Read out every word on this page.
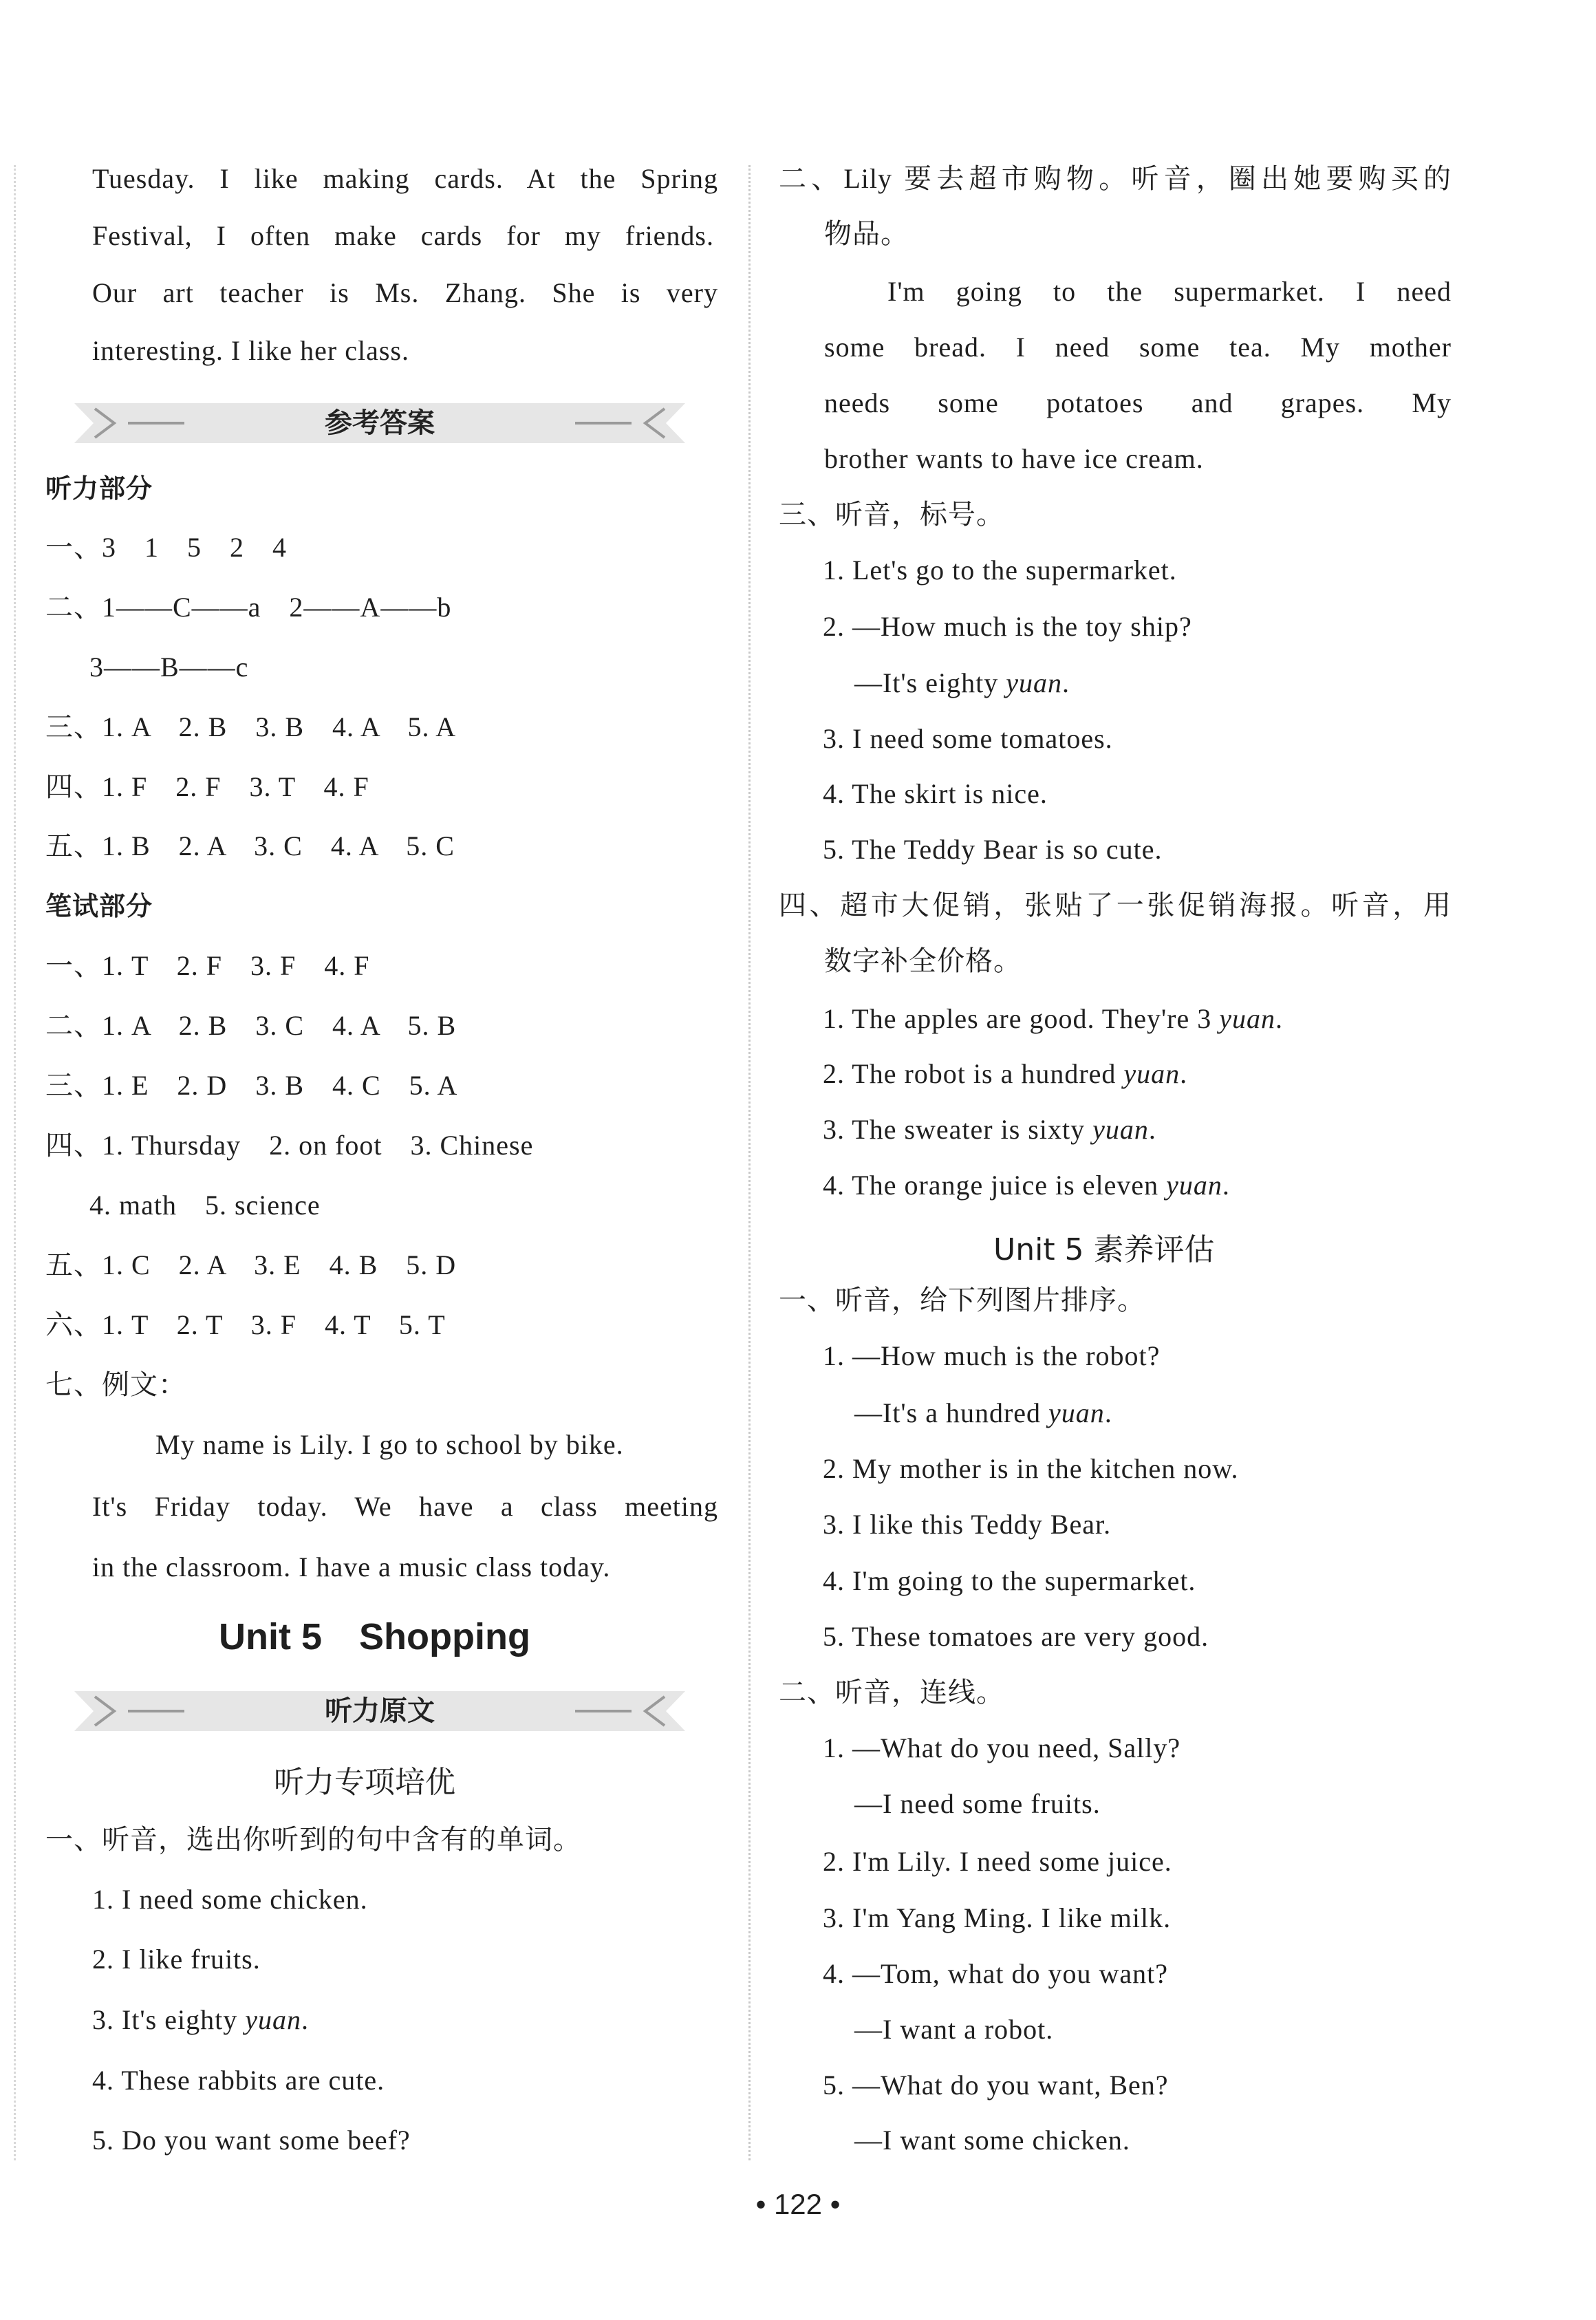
Tuesday. I like making cards. At the Spring
Festival, I often make cards for my friends.
Our art teacher is Ms. Zhang. She is very
interesting. I like her class.
参考答案
听力部分
一、3　1　5　2　4
二、1——C——a　2——A——b
3——B——c
三、1. A　2. B　3. B　4. A　5. A
四、1. F　2. F　3. T　4. F
五、1. B　2. A　3. C　4. A　5. C
笔试部分
一、1. T　2. F　3. F　4. F
二、1. A　2. B　3. C　4. A　5. B
三、1. E　2. D　3. B　4. C　5. A
四、1. Thursday　2. on foot　3. Chinese
4. math　5. science
五、1. C　2. A　3. E　4. B　5. D
六、1. T　2. T　3. F　4. T　5. T
七、例文：
My name is Lily. I go to school by bike.
It's Friday today. We have a class meeting
in the classroom. I have a music class today.
Unit 5　Shopping
听力原文
听力专项培优
一、听音，选出你听到的句中含有的单词。
1. I need some chicken.
2. I like fruits.
3. It's eighty yuan.
4. These rabbits are cute.
5. Do you want some beef?
二、Lily 要去超市购物。听音，圈出她要购买的
物品。
I'm going to the supermarket. I need
some bread. I need some tea. My mother
needs some potatoes and grapes. My
brother wants to have ice cream.
三、听音，标号。
1. Let's go to the supermarket.
2. —How much is the toy ship?
—It's eighty yuan.
3. I need some tomatoes.
4. The skirt is nice.
5. The Teddy Bear is so cute.
四、超市大促销，张贴了一张促销海报。听音，用
数字补全价格。
1. The apples are good. They're 3 yuan.
2. The robot is a hundred yuan.
3. The sweater is sixty yuan.
4. The orange juice is eleven yuan.
Unit 5 素养评估
一、听音，给下列图片排序。
1. —How much is the robot?
—It's a hundred yuan.
2. My mother is in the kitchen now.
3. I like this Teddy Bear.
4. I'm going to the supermarket.
5. These tomatoes are very good.
二、听音，连线。
1. —What do you need, Sally?
—I need some fruits.
2. I'm Lily. I need some juice.
3. I'm Yang Ming. I like milk.
4. —Tom, what do you want?
—I want a robot.
5. —What do you want, Ben?
—I want some chicken.
• 122 •
